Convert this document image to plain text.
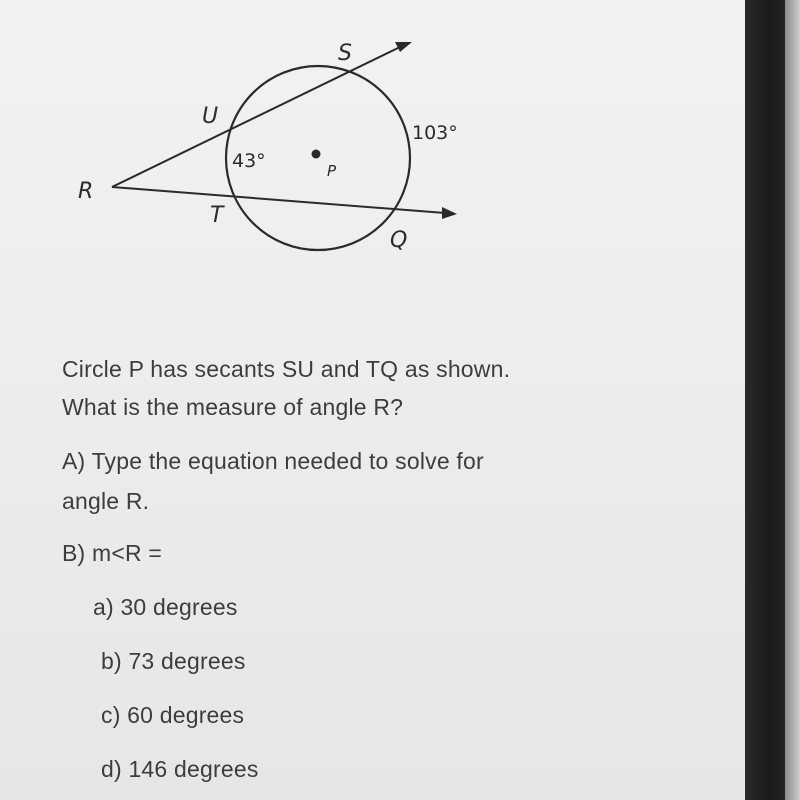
R
S
U
T
Q
P
43°
103°
Circle P has secants SU and TQ as shown.
What is the measure of angle R?
A) Type the equation needed to solve for
angle R.
B) m<R =
a) 30 degrees
b) 73 degrees
c) 60 degrees
d) 146 degrees
